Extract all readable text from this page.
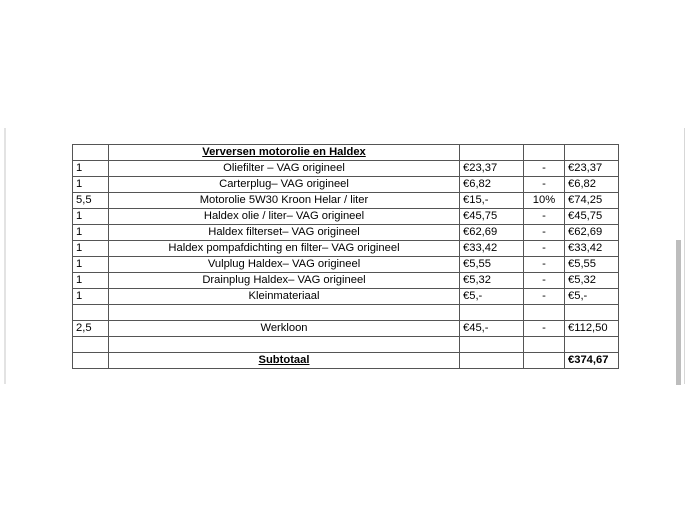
	Verversen motorolie en Haldex			
1	Oliefilter – VAG origineel	€23,37	-	€23,37
1	Carterplug– VAG origineel	€6,82	-	€6,82
5,5	Motorolie 5W30 Kroon Helar / liter	€15,-	10%	€74,25
1	Haldex olie / liter– VAG origineel	€45,75	-	€45,75
1	Haldex filterset– VAG origineel	€62,69	-	€62,69
1	Haldex pompafdichting en filter– VAG origineel	€33,42	-	€33,42
1	Vulplug Haldex– VAG origineel	€5,55	-	€5,55
1	Drainplug Haldex– VAG origineel	€5,32	-	€5,32
1	Kleinmateriaal	€5,-	-	€5,-

2,5	Werkloon	€45,-	-	€112,50

	Subtotaal			€374,67
